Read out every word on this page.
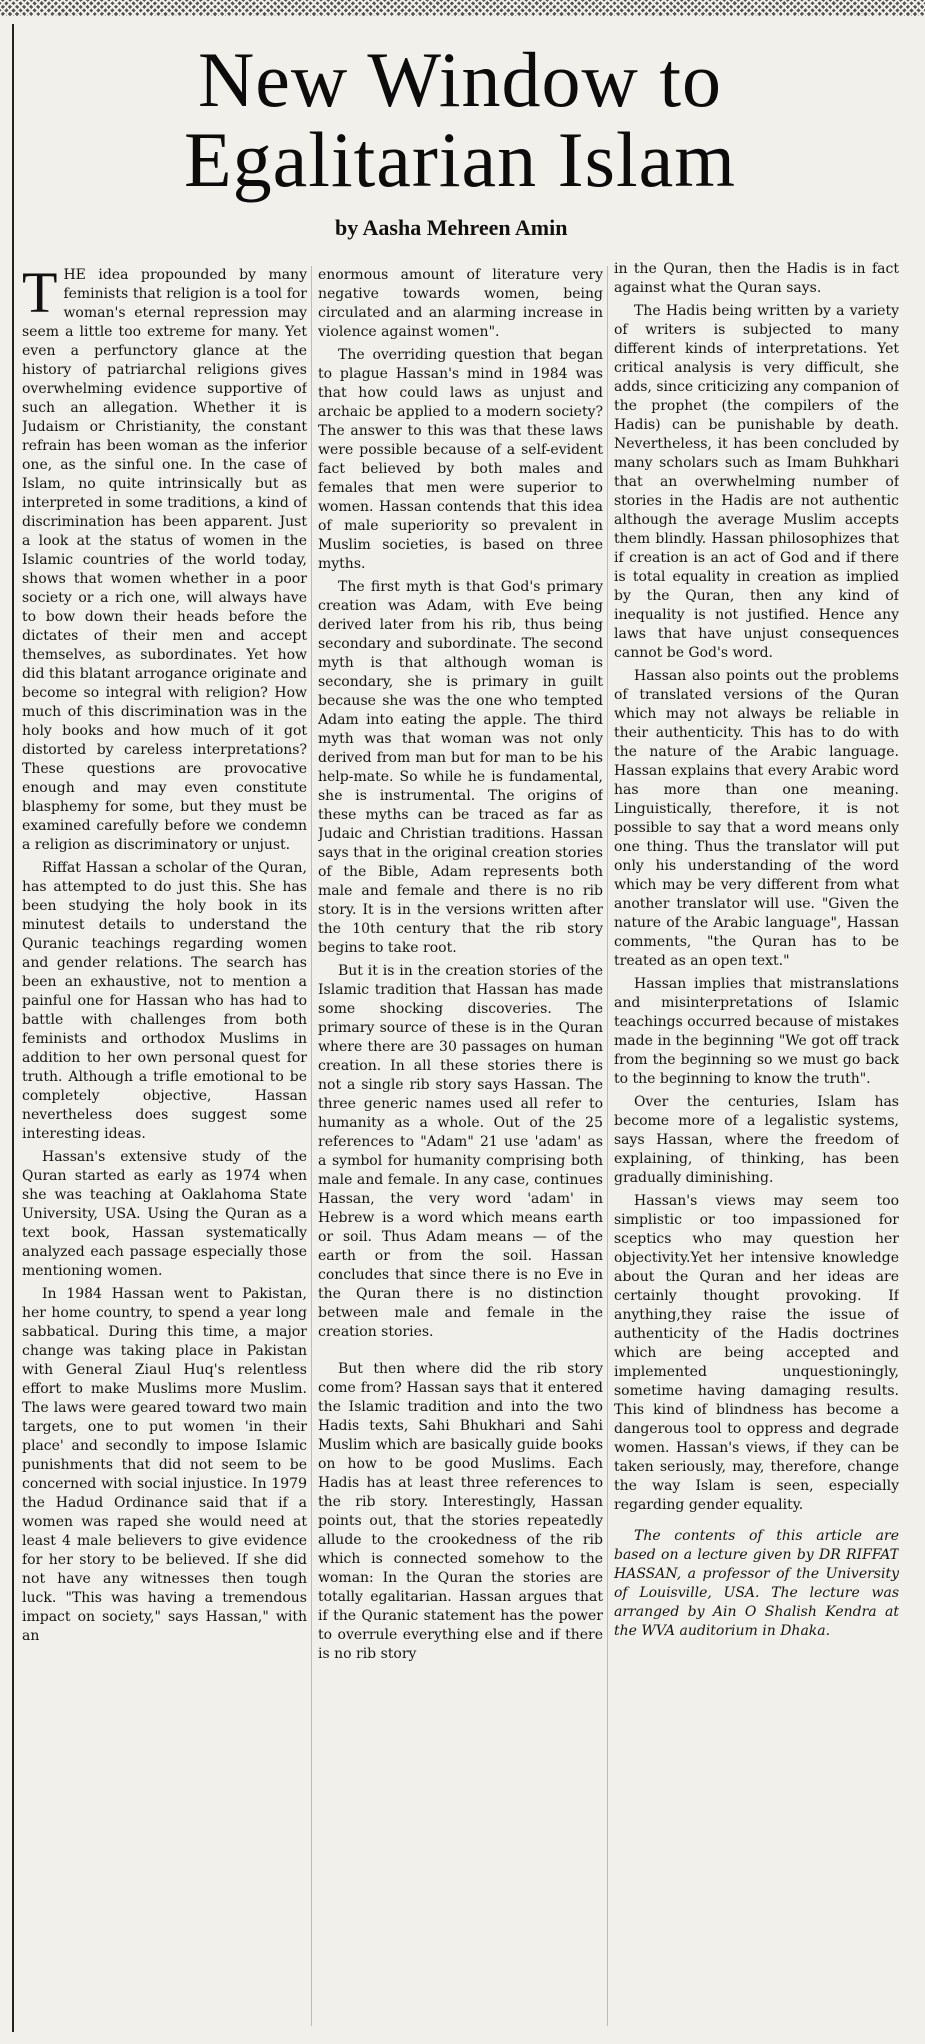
New Window to Egalitarian Islam
by Aasha Mehreen Amin

THE idea propounded by many feminists that religion is a tool for woman's eternal repression may seem a little too extreme for many. Yet even a perfunctory glance at the history of patriarchal religions gives overwhelming evidence supportive of such an allegation. Whether it is Judaism or Christianity, the constant refrain has been woman as the inferior one, as the sinful one. In the case of Islam, no quite intrinsically but as interpreted in some traditions, a kind of discrimination has been apparent. Just a look at the status of women in the Islamic countries of the world today, shows that women whether in a poor society or a rich one, will always have to bow down their heads before the dictates of their men and accept themselves, as subordinates. Yet how did this blatant arrogance originate and become so integral with religion? How much of this discrimination was in the holy books and how much of it got distorted by careless interpretations? These questions are provocative enough and may even constitute blasphemy for some, but they must be examined carefully before we condemn a religion as discriminatory or unjust.

Riffat Hassan a scholar of the Quran, has attempted to do just this. She has been studying the holy book in its minutest details to understand the Quranic teachings regarding women and gender relations. The search has been an exhaustive, not to mention a painful one for Hassan who has had to battle with challenges from both feminists and orthodox Muslims in addition to her own personal quest for truth. Although a trifle emotional to be completely objective, Hassan nevertheless does suggest some interesting ideas.

Hassan's extensive study of the Quran started as early as 1974 when she was teaching at Oaklahoma State University, USA. Using the Quran as a text book, Hassan systematically analyzed each passage especially those mentioning women.

In 1984 Hassan went to Pakistan, her home country, to spend a year long sabbatical. During this time, a major change was taking place in Pakistan with General Ziaul Huq's relentless effort to make Muslims more Muslim. The laws were geared toward two main targets, one to put women 'in their place' and secondly to impose Islamic punishments that did not seem to be concerned with social injustice. In 1979 the Hadud Ordinance said that if a women was raped she would need at least 4 male believers to give evidence for her story to be believed. If she did not have any witnesses then tough luck. "This was having a tremendous impact on society," says Hassan," with an

enormous amount of literature very negative towards women, being circulated and an alarming increase in violence against women".

The overriding question that began to plague Hassan's mind in 1984 was that how could laws as unjust and archaic be applied to a modern society? The answer to this was that these laws were possible because of a self-evident fact believed by both males and females that men were superior to women. Hassan contends that this idea of male superiority so prevalent in Muslim societies, is based on three myths.

The first myth is that God's primary creation was Adam, with Eve being derived later from his rib, thus being secondary and subordinate. The second myth is that although woman is secondary, she is primary in guilt because she was the one who tempted Adam into eating the apple. The third myth was that woman was not only derived from man but for man to be his help-mate. So while he is fundamental, she is instrumental. The origins of these myths can be traced as far as Judaic and Christian traditions. Hassan says that in the original creation stories of the Bible, Adam represents both male and female and there is no rib story. It is in the versions written after the 10th century that the rib story begins to take root.

But it is in the creation stories of the Islamic tradition that Hassan has made some shocking discoveries. The primary source of these is in the Quran where there are 30 passages on human creation. In all these stories there is not a single rib story says Hassan. The three generic names used all refer to humanity as a whole. Out of the 25 references to "Adam" 21 use 'adam' as a symbol for humanity comprising both male and female. In any case, continues Hassan, the very word 'adam' in Hebrew is a word which means earth or soil. Thus Adam means — of the earth or from the soil. Hassan concludes that since there is no Eve in the Quran there is no distinction between male and female in the creation stories.

But then where did the rib story come from? Hassan says that it entered the Islamic tradition and into the two Hadis texts, Sahi Bhukhari and Sahi Muslim which are basically guide books on how to be good Muslims. Each Hadis has at least three references to the rib story. Interestingly, Hassan points out, that the stories repeatedly allude to the crookedness of the rib which is connected somehow to the woman: In the Quran the stories are totally egalitarian. Hassan argues that if the Quranic statement has the power to overrule everything else and if there is no rib story

in the Quran, then the Hadis is in fact against what the Quran says.

The Hadis being written by a variety of writers is subjected to many different kinds of interpretations. Yet critical analysis is very difficult, she adds, since criticizing any companion of the prophet (the compilers of the Hadis) can be punishable by death. Nevertheless, it has been concluded by many scholars such as Imam Buhkhari that an overwhelming number of stories in the Hadis are not authentic although the average Muslim accepts them blindly. Hassan philosophizes that if creation is an act of God and if there is total equality in creation as implied by the Quran, then any kind of inequality is not justified. Hence any laws that have unjust consequences cannot be God's word.

Hassan also points out the problems of translated versions of the Quran which may not always be reliable in their authenticity. This has to do with the nature of the Arabic language. Hassan explains that every Arabic word has more than one meaning. Linguistically, therefore, it is not possible to say that a word means only one thing. Thus the translator will put only his understanding of the word which may be very different from what another translator will use. "Given the nature of the Arabic language", Hassan comments, "the Quran has to be treated as an open text."

Hassan implies that mistranslations and misinterpretations of Islamic teachings occurred because of mistakes made in the beginning "We got off track from the beginning so we must go back to the beginning to know the truth".

Over the centuries, Islam has become more of a legalistic systems, says Hassan, where the freedom of explaining, of thinking, has been gradually diminishing.

Hassan's views may seem too simplistic or too impassioned for sceptics who may question her objectivity.Yet her intensive knowledge about the Quran and her ideas are certainly thought provoking. If anything,they raise the issue of authenticity of the Hadis doctrines which are being accepted and implemented unquestioningly, sometime having damaging results. This kind of blindness has become a dangerous tool to oppress and degrade women. Hassan's views, if they can be taken seriously, may, therefore, change the way Islam is seen, especially regarding gender equality.

The contents of this article are based on a lecture given by DR RIFFAT HASSAN, a professor of the University of Louisville, USA. The lecture was arranged by Ain O Shalish Kendra at the WVA auditorium in Dhaka.
